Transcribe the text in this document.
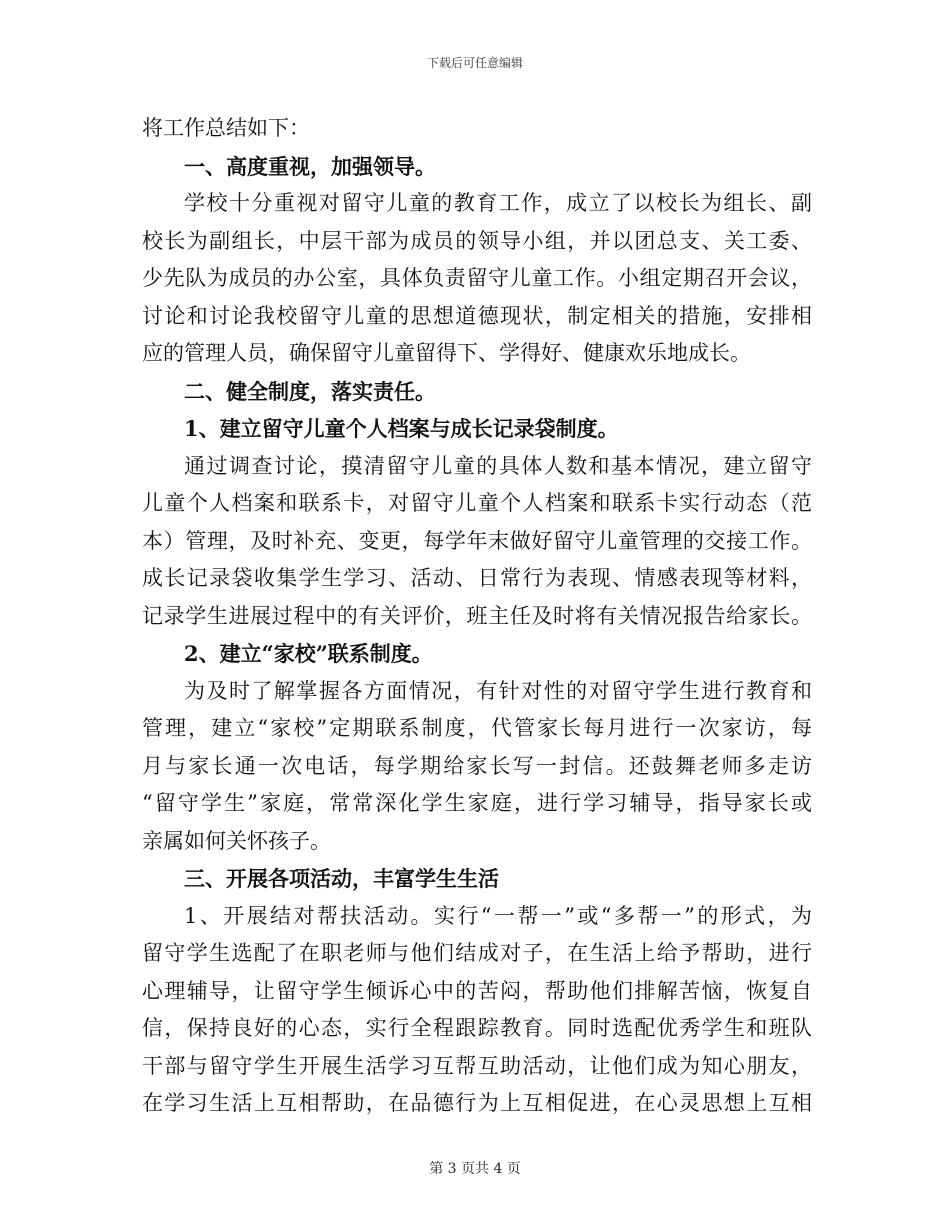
下载后可任意编辑
将工作总结如下：
一、高度重视，加强领导。
学校十分重视对留守儿童的教育工作，成立了以校长为组长、副
校长为副组长，中层干部为成员的领导小组，并以团总支、关工委、
少先队为成员的办公室，具体负责留守儿童工作。小组定期召开会议，
讨论和讨论我校留守儿童的思想道德现状，制定相关的措施，安排相
应的管理人员，确保留守儿童留得下、学得好、健康欢乐地成长。
二、健全制度，落实责任。
1、建立留守儿童个人档案与成长记录袋制度。
通过调查讨论，摸清留守儿童的具体人数和基本情况，建立留守
儿童个人档案和联系卡，对留守儿童个人档案和联系卡实行动态（范
本）管理，及时补充、变更，每学年末做好留守儿童管理的交接工作。
成长记录袋收集学生学习、活动、日常行为表现、情感表现等材料，
记录学生进展过程中的有关评价，班主任及时将有关情况报告给家长。
2、建立“家校”联系制度。
为及时了解掌握各方面情况，有针对性的对留守学生进行教育和
管理，建立“家校”定期联系制度，代管家长每月进行一次家访，每
月与家长通一次电话，每学期给家长写一封信。还鼓舞老师多走访
“留守学生”家庭，常常深化学生家庭，进行学习辅导，指导家长或
亲属如何关怀孩子。
三、开展各项活动，丰富学生生活
1、开展结对帮扶活动。实行“一帮一”或“多帮一”的形式，为
留守学生选配了在职老师与他们结成对子，在生活上给予帮助，进行
心理辅导，让留守学生倾诉心中的苦闷，帮助他们排解苦恼，恢复自
信，保持良好的心态，实行全程跟踪教育。同时选配优秀学生和班队
干部与留守学生开展生活学习互帮互助活动，让他们成为知心朋友，
在学习生活上互相帮助，在品德行为上互相促进，在心灵思想上互相
第 3 页共 4 页
